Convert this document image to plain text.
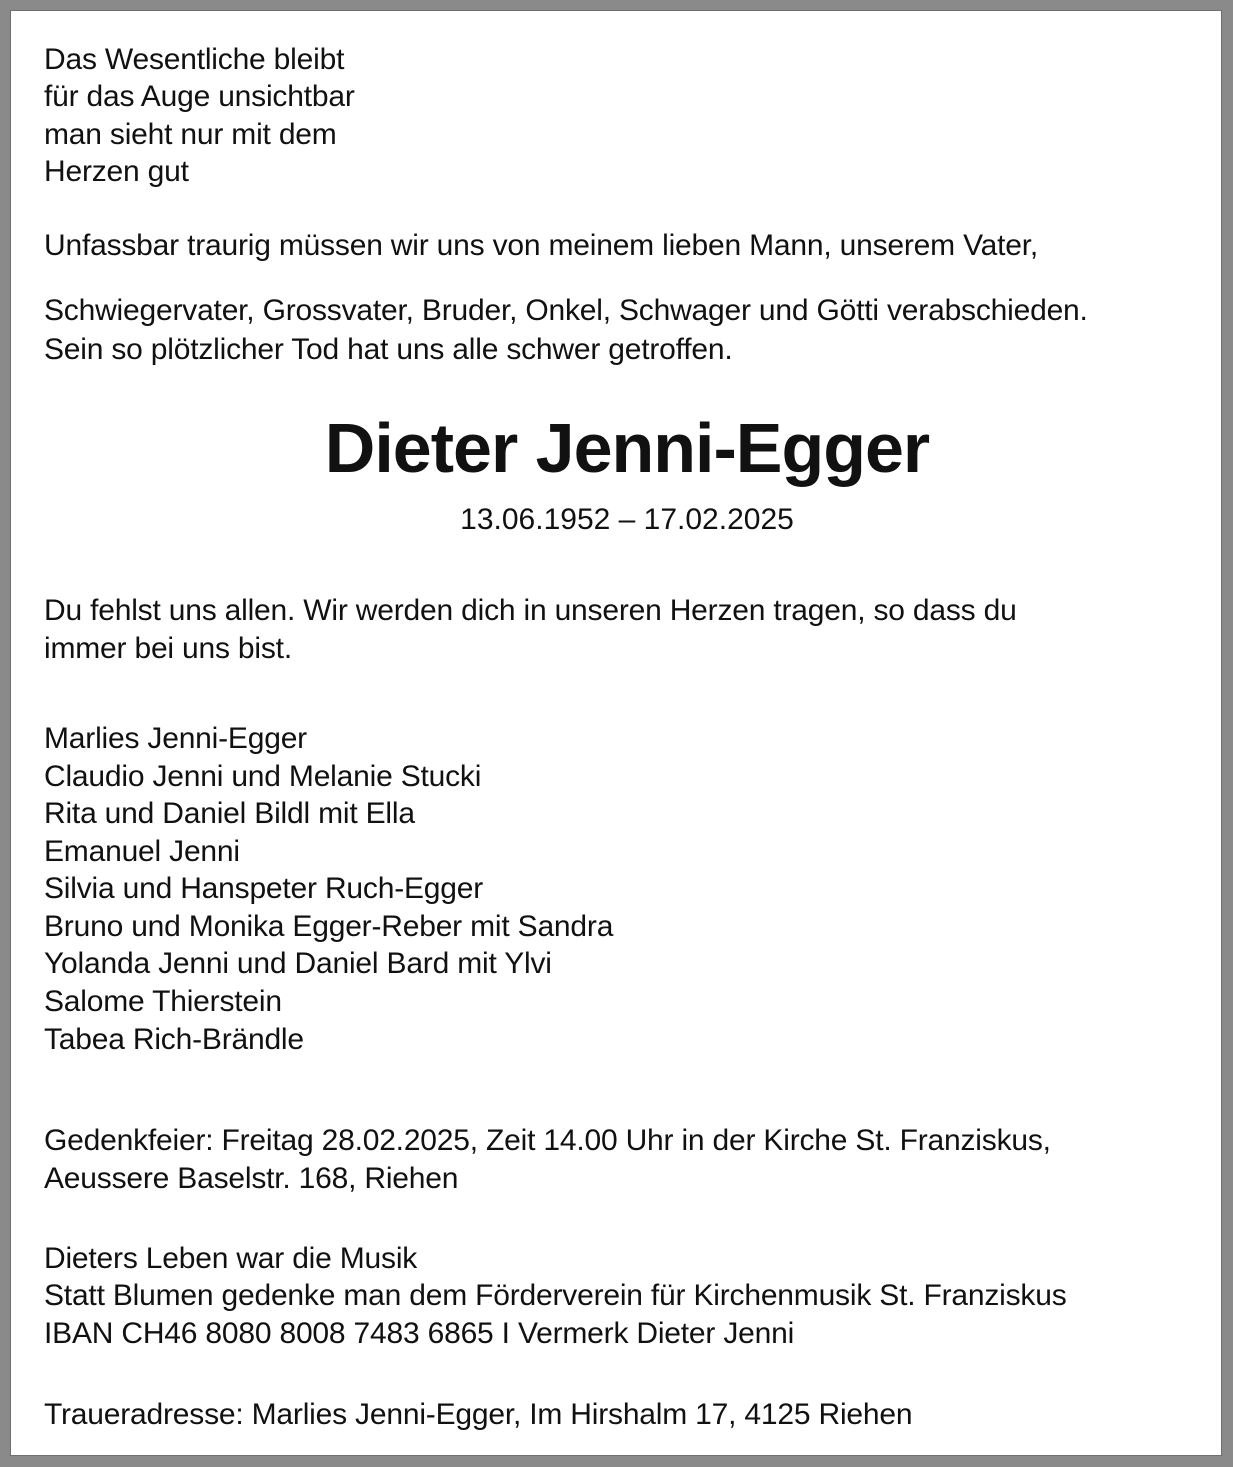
Das Wesentliche bleibt
für das Auge unsichtbar
man sieht nur mit dem
Herzen gut
Unfassbar traurig müssen wir uns von meinem lieben Mann, unserem Vater,
Schwiegervater, Grossvater, Bruder, Onkel, Schwager und Götti verabschieden.
Sein so plötzlicher Tod hat uns alle schwer getroffen.
Dieter Jenni-Egger
13.06.1952 – 17.02.2025
Du fehlst uns allen. Wir werden dich in unseren Herzen tragen, so dass du
immer bei uns bist.
Marlies Jenni-Egger
Claudio Jenni und Melanie Stucki
Rita und Daniel Bildl mit Ella
Emanuel Jenni
Silvia und Hanspeter Ruch-Egger
Bruno und Monika Egger-Reber mit Sandra
Yolanda Jenni und Daniel Bard mit Ylvi
Salome Thierstein
Tabea Rich-Brändle
Gedenkfeier: Freitag 28.02.2025, Zeit 14.00 Uhr in der Kirche St. Franziskus,
Aeussere Baselstr. 168, Riehen
Dieters Leben war die Musik
Statt Blumen gedenke man dem Förderverein für Kirchenmusik St. Franziskus
IBAN CH46 8080 8008 7483 6865 I Vermerk Dieter Jenni
Traueradresse: Marlies Jenni-Egger, Im Hirshalm 17, 4125 Riehen
